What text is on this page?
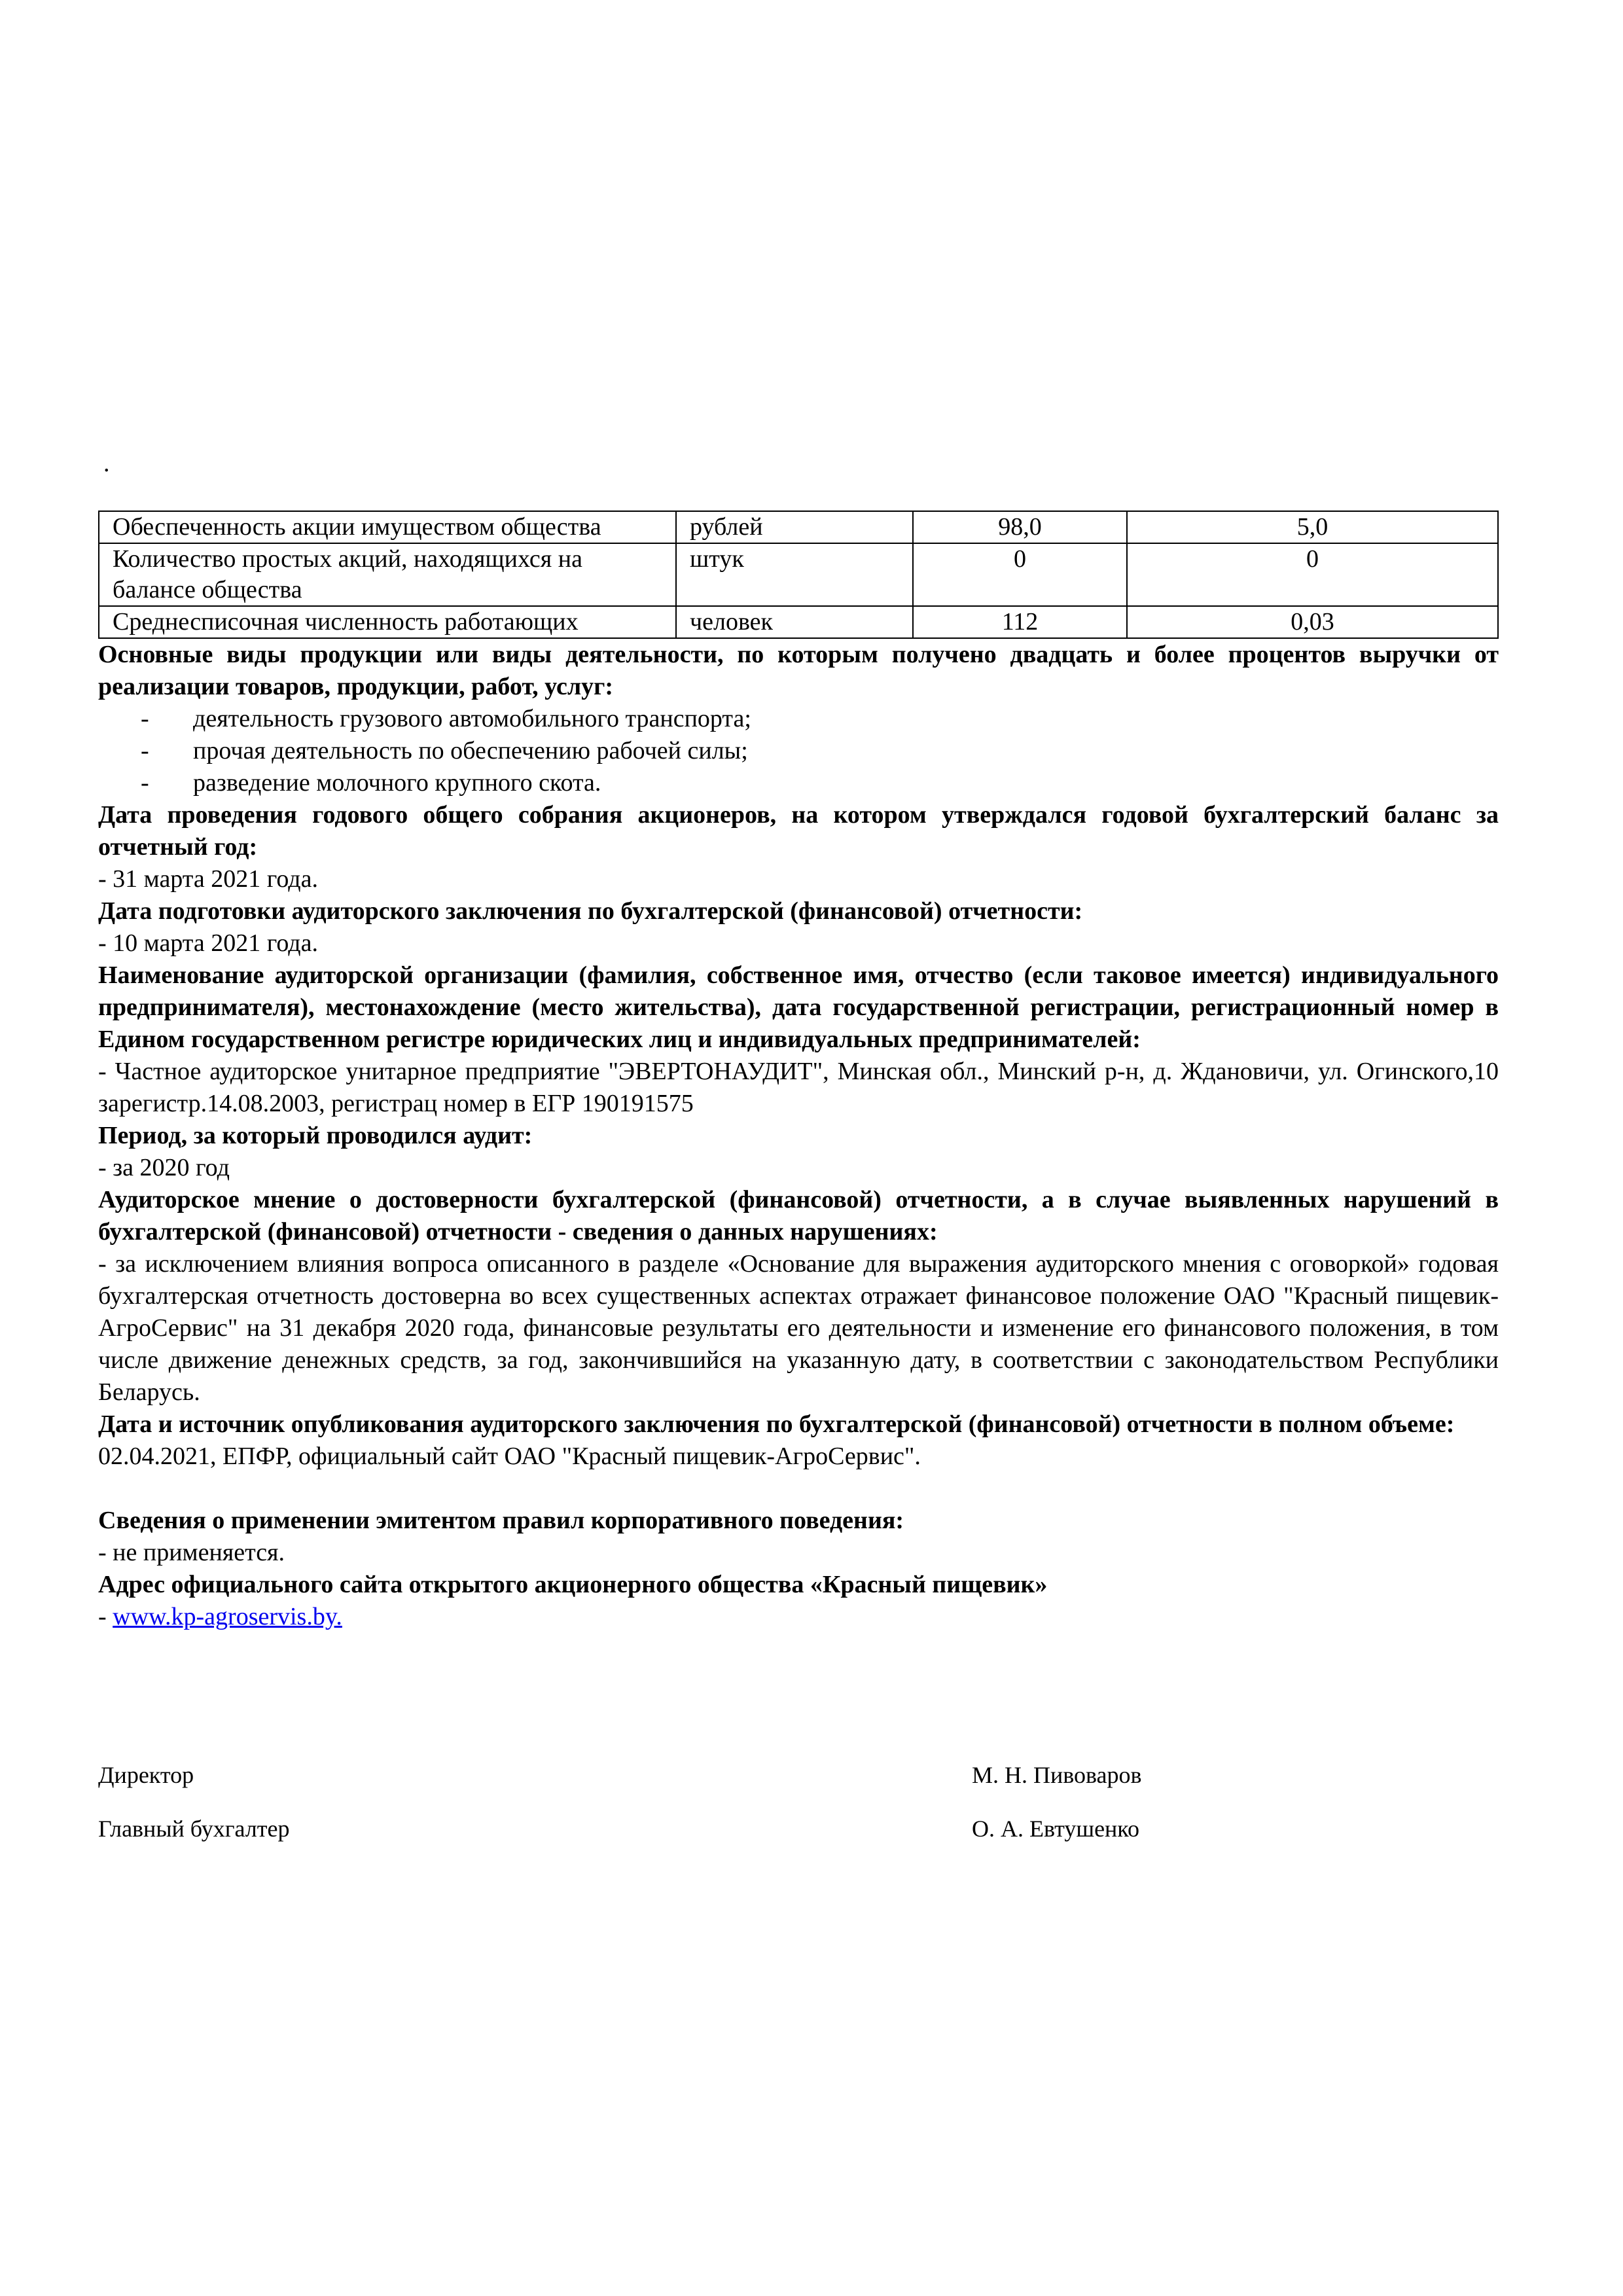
.
Обеспеченность акции имуществом общества	рублей	98,0	5,0
Количество простых акций, находящихся на балансе общества	штук	0	0
Среднесписочная численность работающих	человек	112	0,03
Основные виды продукции или виды деятельности, по которым получено двадцать и более процентов выручки от реализации товаров, продукции, работ, услуг:
- деятельность грузового автомобильного транспорта;
- прочая деятельность по обеспечению рабочей силы;
- разведение молочного крупного скота.
Дата проведения годового общего собрания акционеров, на котором утверждался годовой бухгалтерский баланс за отчетный год:
- 31 марта 2021 года.
Дата подготовки аудиторского заключения по бухгалтерской (финансовой) отчетности:
- 10 марта 2021 года.
Наименование аудиторской организации (фамилия, собственное имя, отчество (если таковое имеется) индивидуального предпринимателя), местонахождение (место жительства), дата государственной регистрации, регистрационный номер в Едином государственном регистре юридических лиц и индивидуальных предпринимателей:
- Частное аудиторское унитарное предприятие "ЭВЕРТОНАУДИТ", Минская обл., Минский р-н, д. Ждановичи, ул. Огинского,10 зарегистр.14.08.2003, регистрац номер в ЕГР 190191575
Период, за который проводился аудит:
- за 2020 год
Аудиторское мнение о достоверности бухгалтерской (финансовой) отчетности, а в случае выявленных нарушений в бухгалтерской (финансовой) отчетности - сведения о данных нарушениях:
- за исключением влияния вопроса описанного в разделе «Основание для выражения аудиторского мнения с оговоркой» годовая бухгалтерская отчетность достоверна во всех существенных аспектах отражает финансовое положение ОАО "Красный пищевик-АгроСервис" на 31 декабря 2020 года, финансовые результаты его деятельности и изменение его финансового положения, в том числе движение денежных средств, за год, закончившийся на указанную дату, в соответствии с законодательством Республики Беларусь.
Дата и источник опубликования аудиторского заключения по бухгалтерской (финансовой) отчетности в полном объеме:
02.04.2021, ЕПФР, официальный сайт ОАО "Красный пищевик-АгроСервис".
Сведения о применении эмитентом правил корпоративного поведения:
- не применяется.
Адрес официального сайта открытого акционерного общества «Красный пищевик»
- www.kp-agroservis.by.
Директор	М. Н. Пивоваров
Главный бухгалтер	О. А. Евтушенко
